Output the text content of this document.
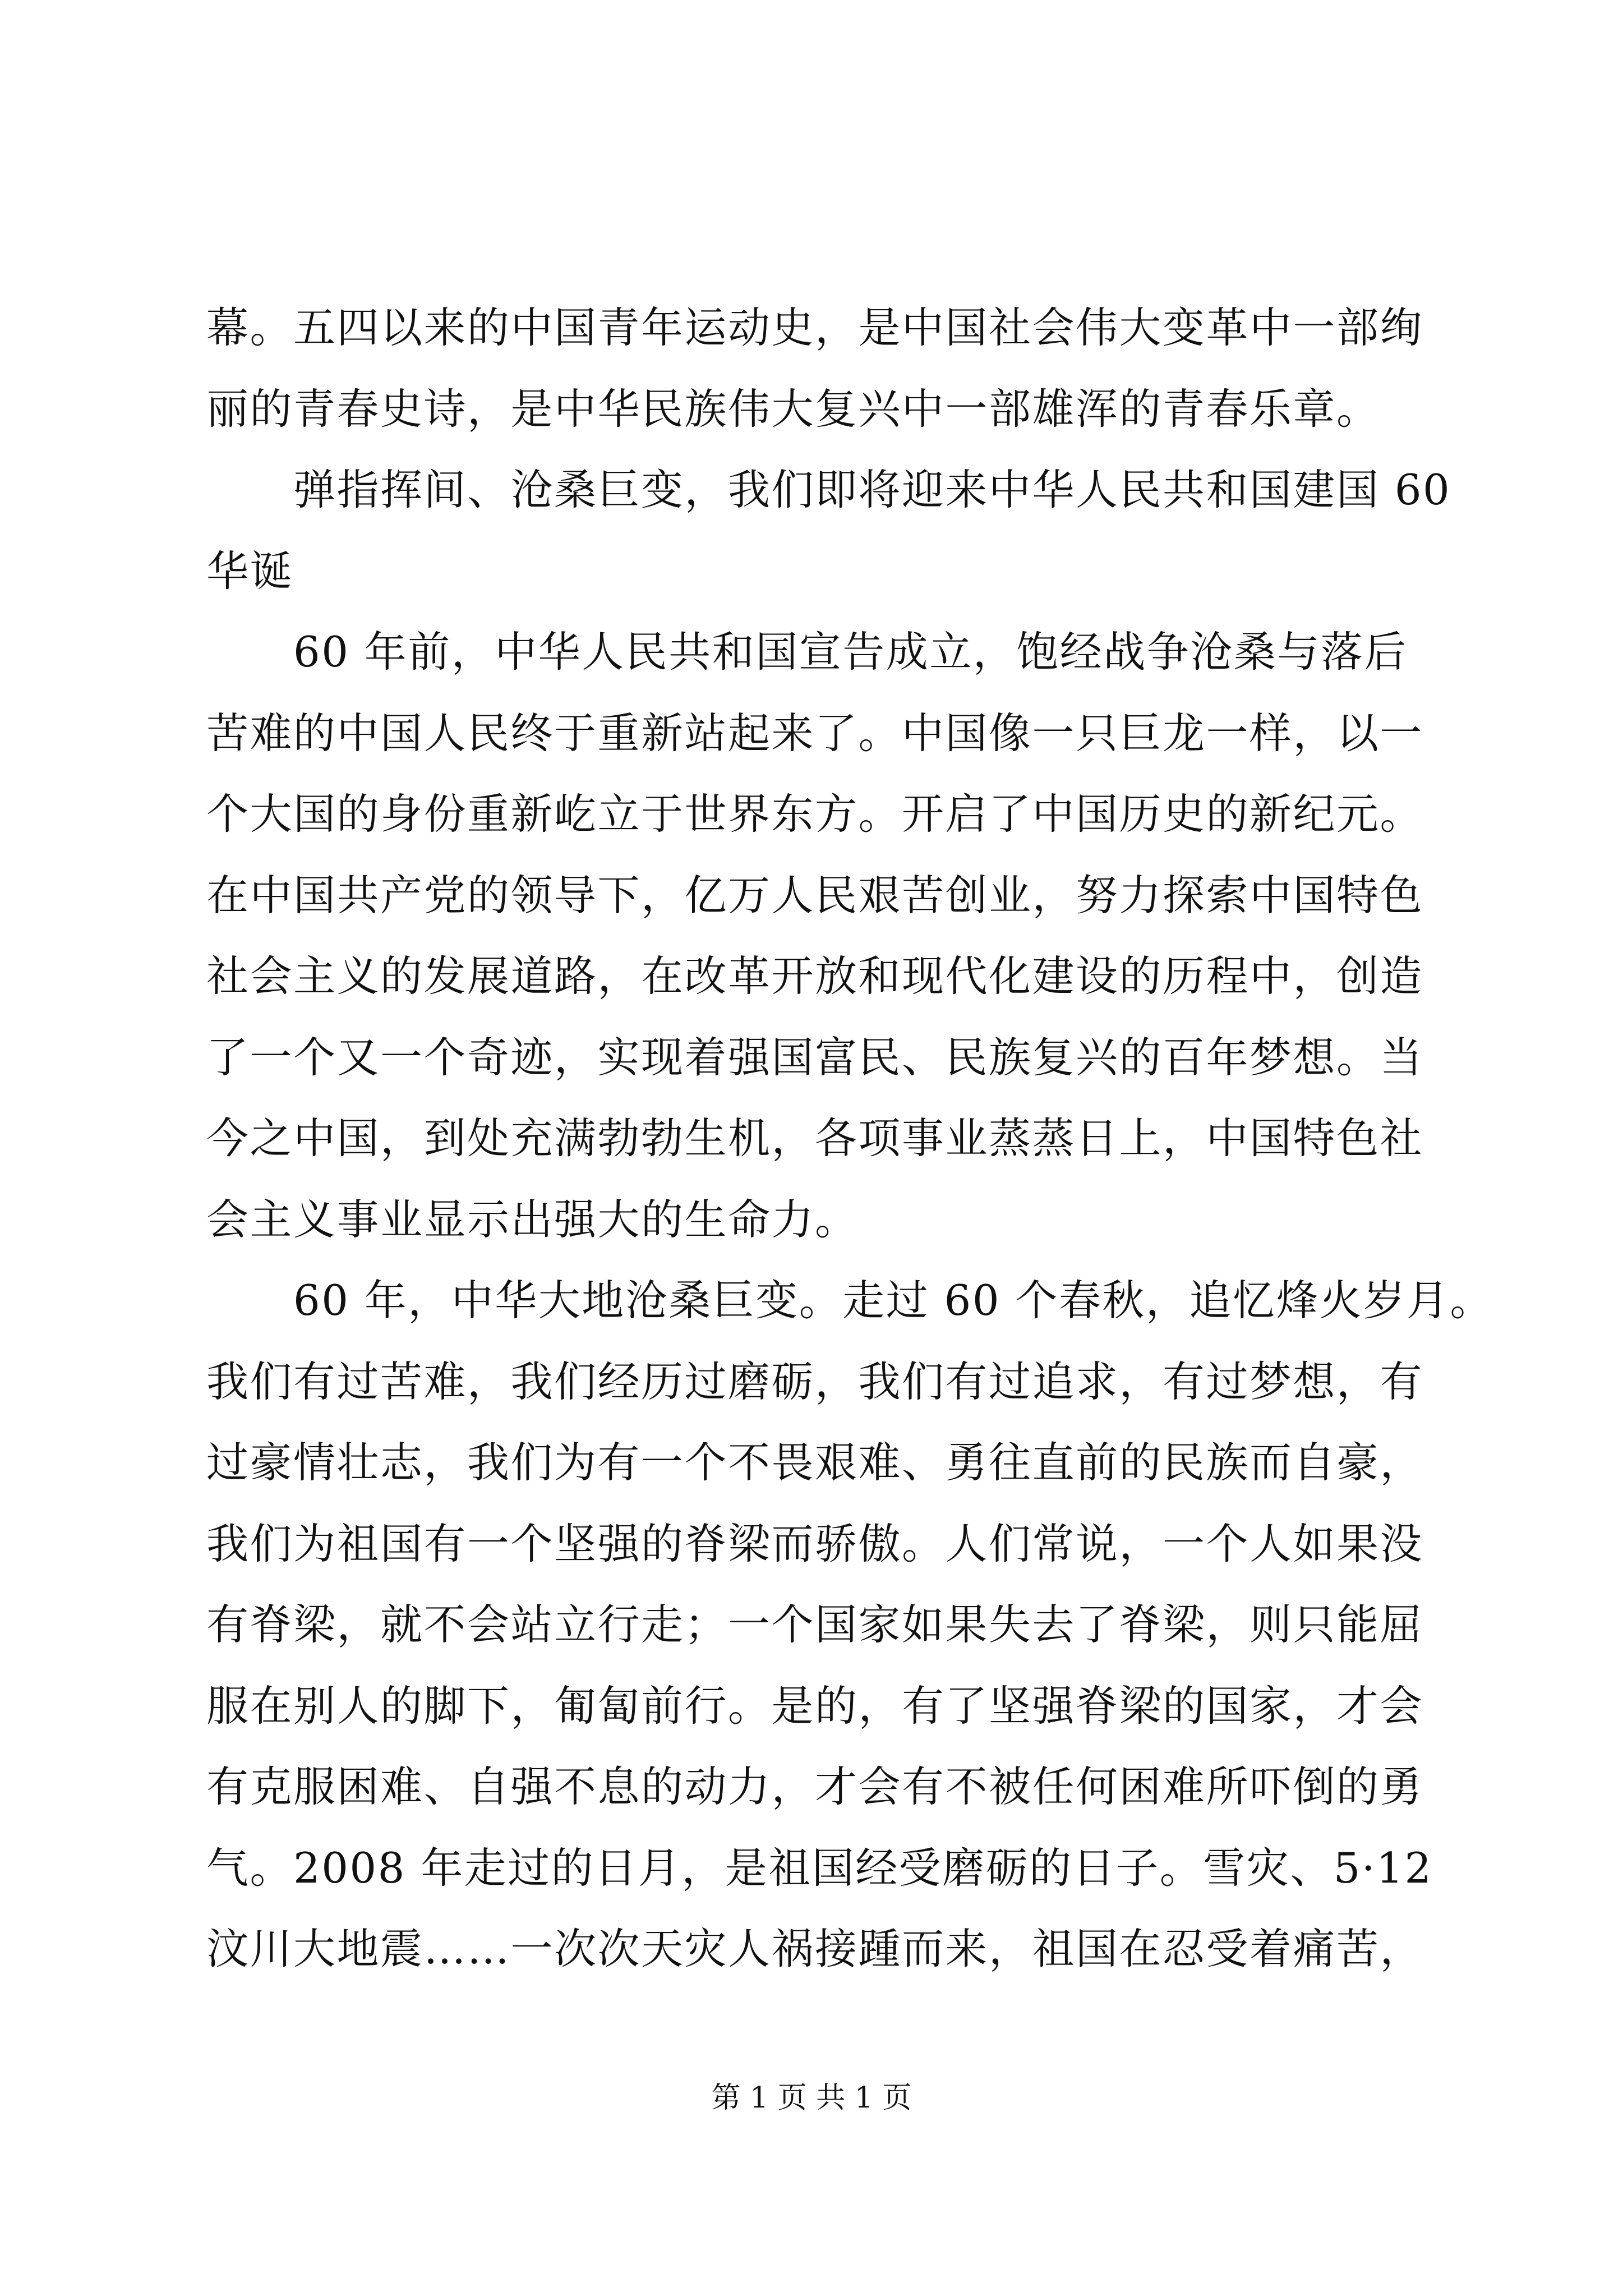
幕。五四以来的中国青年运动史，是中国社会伟大变革中一部绚
丽的青春史诗，是中华民族伟大复兴中一部雄浑的青春乐章。
　　弹指挥间、沧桑巨变，我们即将迎来中华人民共和国建国 60
华诞
　　60 年前，中华人民共和国宣告成立，饱经战争沧桑与落后
苦难的中国人民终于重新站起来了。中国像一只巨龙一样，以一
个大国的身份重新屹立于世界东方。开启了中国历史的新纪元。
在中国共产党的领导下，亿万人民艰苦创业，努力探索中国特色
社会主义的发展道路，在改革开放和现代化建设的历程中，创造
了一个又一个奇迹，实现着强国富民、民族复兴的百年梦想。当
今之中国，到处充满勃勃生机，各项事业蒸蒸日上，中国特色社
会主义事业显示出强大的生命力。
　　60 年，中华大地沧桑巨变。走过 60 个春秋，追忆烽火岁月。
我们有过苦难，我们经历过磨砺，我们有过追求，有过梦想，有
过豪情壮志，我们为有一个不畏艰难、勇往直前的民族而自豪，
我们为祖国有一个坚强的脊梁而骄傲。人们常说，一个人如果没
有脊梁，就不会站立行走；一个国家如果失去了脊梁，则只能屈
服在别人的脚下，匍匐前行。是的，有了坚强脊梁的国家，才会
有克服困难、自强不息的动力，才会有不被任何困难所吓倒的勇
气。2008 年走过的日月，是祖国经受磨砺的日子。雪灾、5·12
汶川大地震……一次次天灾人祸接踵而来，祖国在忍受着痛苦，
第 1 页 共 1 页
